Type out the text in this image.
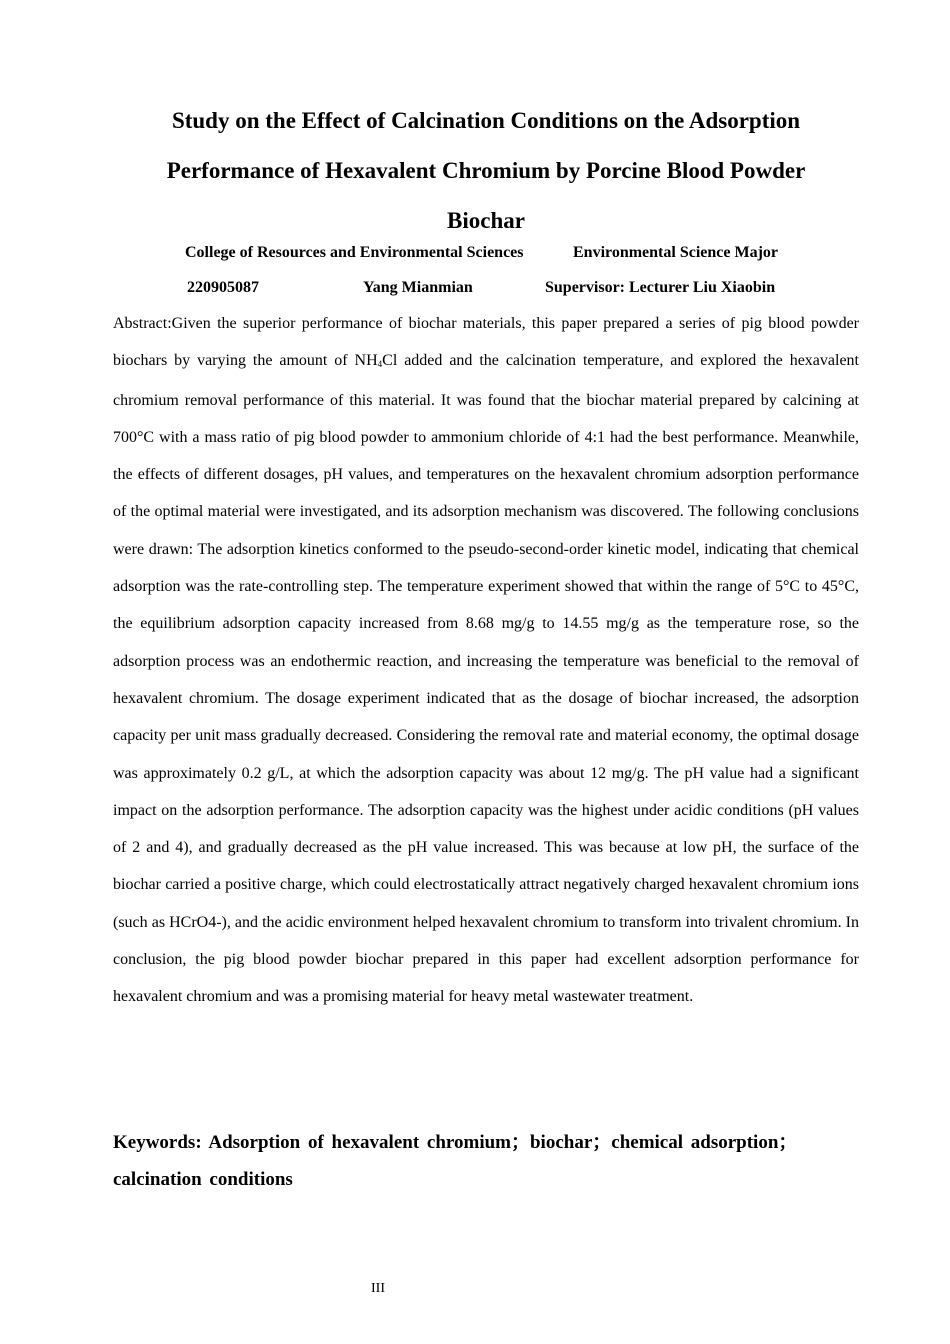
Study on the Effect of Calcination Conditions on the Adsorption
Performance of Hexavalent Chromium by Porcine Blood Powder
Biochar
College of Resources and Environmental Sciences	Environmental Science Major
220905087	Yang Mianmian	Supervisor: Lecturer Liu Xiaobin

Abstract:Given the superior performance of biochar materials, this paper prepared a series of pig blood powder biochars by varying the amount of $NH_4Cl$ added and the calcination temperature, and explored the hexavalent chromium removal performance of this material. It was found that the biochar material prepared by calcining at 700°C with a mass ratio of pig blood powder to ammonium chloride of 4:1 had the best performance. Meanwhile, the effects of different dosages, pH values, and temperatures on the hexavalent chromium adsorption performance of the optimal material were investigated, and its adsorption mechanism was discovered. The following conclusions were drawn: The adsorption kinetics conformed to the pseudo-second-order kinetic model, indicating that chemical adsorption was the rate-controlling step. The temperature experiment showed that within the range of 5°C to 45°C, the equilibrium adsorption capacity increased from 8.68 mg/g to 14.55 mg/g as the temperature rose, so the adsorption process was an endothermic reaction, and increasing the temperature was beneficial to the removal of hexavalent chromium. The dosage experiment indicated that as the dosage of biochar increased, the adsorption capacity per unit mass gradually decreased. Considering the removal rate and material economy, the optimal dosage was approximately 0.2 g/L, at which the adsorption capacity was about 12 mg/g. The pH value had a significant impact on the adsorption performance. The adsorption capacity was the highest under acidic conditions (pH values of 2 and 4), and gradually decreased as the pH value increased. This was because at low pH, the surface of the biochar carried a positive charge, which could electrostatically attract negatively charged hexavalent chromium ions (such as HCrO4-), and the acidic environment helped hexavalent chromium to transform into trivalent chromium. In conclusion, the pig blood powder biochar prepared in this paper had excellent adsorption performance for hexavalent chromium and was a promising material for heavy metal wastewater treatment.

Keywords: Adsorption of hexavalent chromium；biochar；chemical adsorption；calcination conditions

III
